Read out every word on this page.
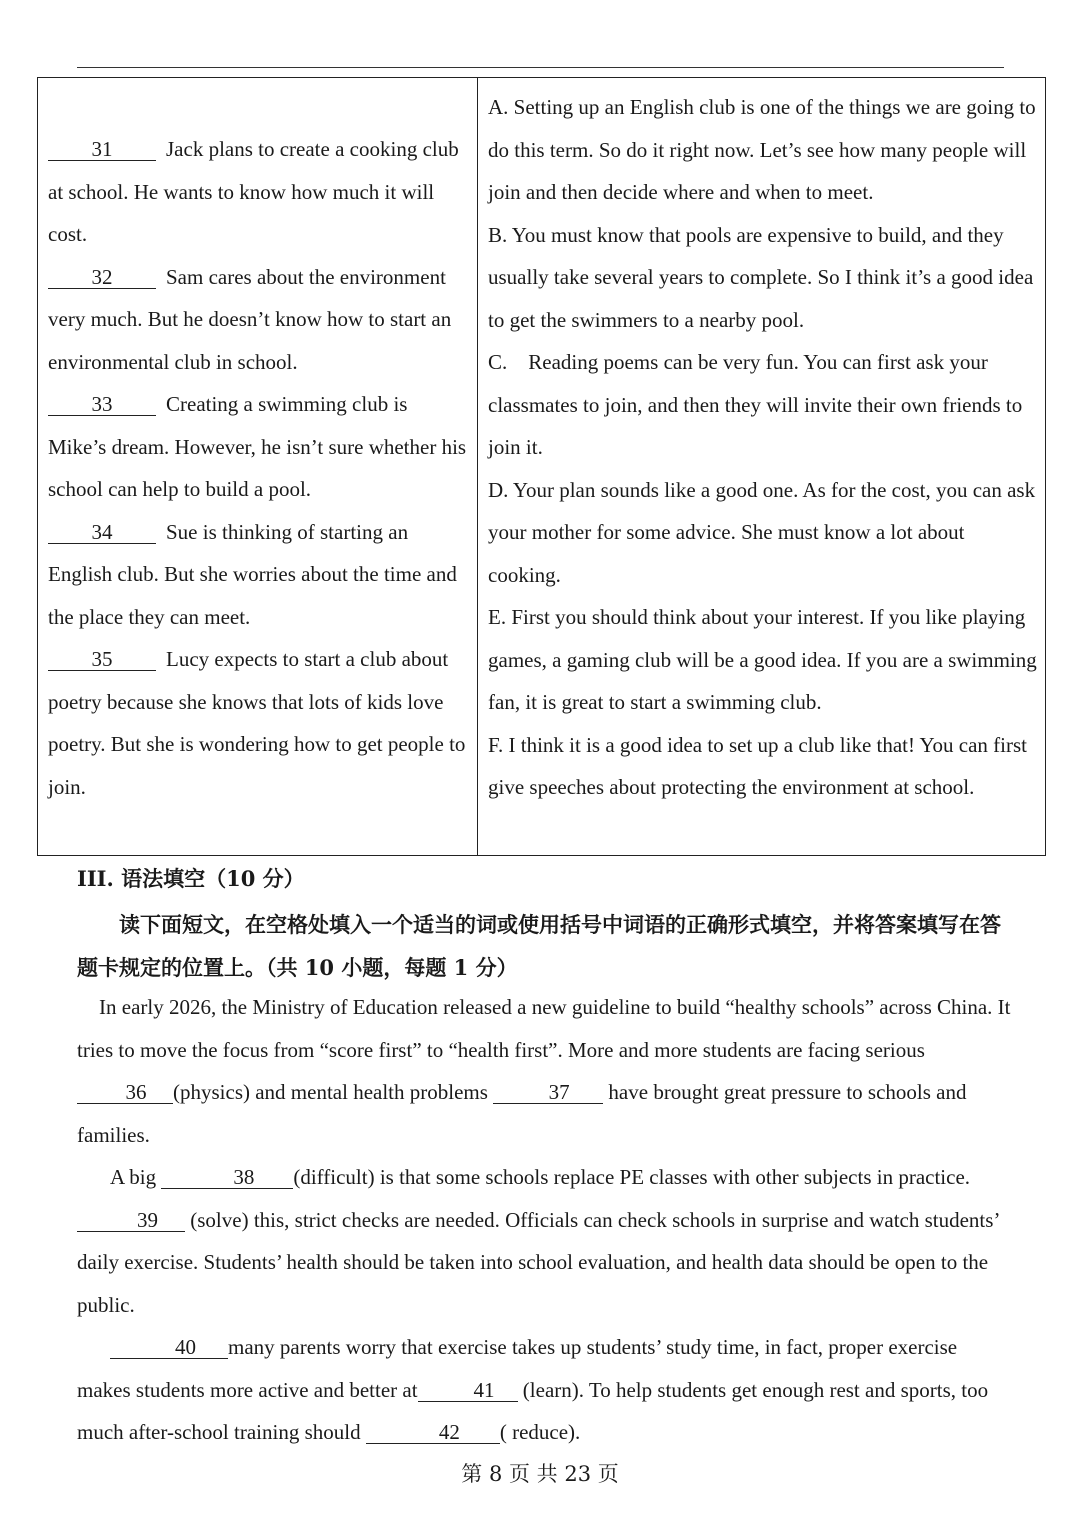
31	Jack plans to create a cooking club at school. He wants to know how much it will cost.
32	Sam cares about the environment very much. But he doesn’t know how to start an environmental club in school.
33	Creating a swimming club is Mike’s dream. However, he isn’t sure whether his school can help to build a pool.
34	Sue is thinking of starting an English club. But she worries about the time and the place they can meet.
35	Lucy expects to start a club about poetry because she knows that lots of kids love poetry. But she is wondering how to get people to join.

A. Setting up an English club is one of the things we are going to do this term. So do it right now. Let’s see how many people will join and then decide where and when to meet.
B. You must know that pools are expensive to build, and they usually take several years to complete. So I think it’s a good idea to get the swimmers to a nearby pool.
C.    Reading poems can be very fun. You can first ask your classmates to join, and then they will invite their own friends to join it.
D. Your plan sounds like a good one. As for the cost, you can ask your mother for some advice. She must know a lot about cooking.
E. First you should think about your interest. If you like playing games, a gaming club will be a good idea. If you are a swimming fan, it is great to start a swimming club.
F. I think it is a good idea to set up a club like that! You can first give speeches about protecting the environment at school.
III. 语法填空（10 分）
读下面短文，在空格处填入一个适当的词或使用括号中词语的正确形式填空，并将答案填写在答题卡规定的位置上。（共 10 小题，每题 1 分）

In early 2026, the Ministry of Education released a new guideline to build “healthy schools” across China. It tries to move the focus from “score first” to “health first”. More and more students are facing serious 36 (physics) and mental health problems	37 have brought great pressure to schools and families.

A big	38 (difficult) is that some schools replace PE classes with other subjects in practice. 39 (solve) this, strict checks are needed. Officials can check schools in surprise and watch students’ daily exercise. Students’ health should be taken into school evaluation, and health data should be open to the public.

40 many parents worry that exercise takes up students’ study time, in fact, proper exercise makes students more active and better at	41 (learn). To help students get enough rest and sports, too much after-school training should	42 ( reduce).

第 8 页 共 23 页
